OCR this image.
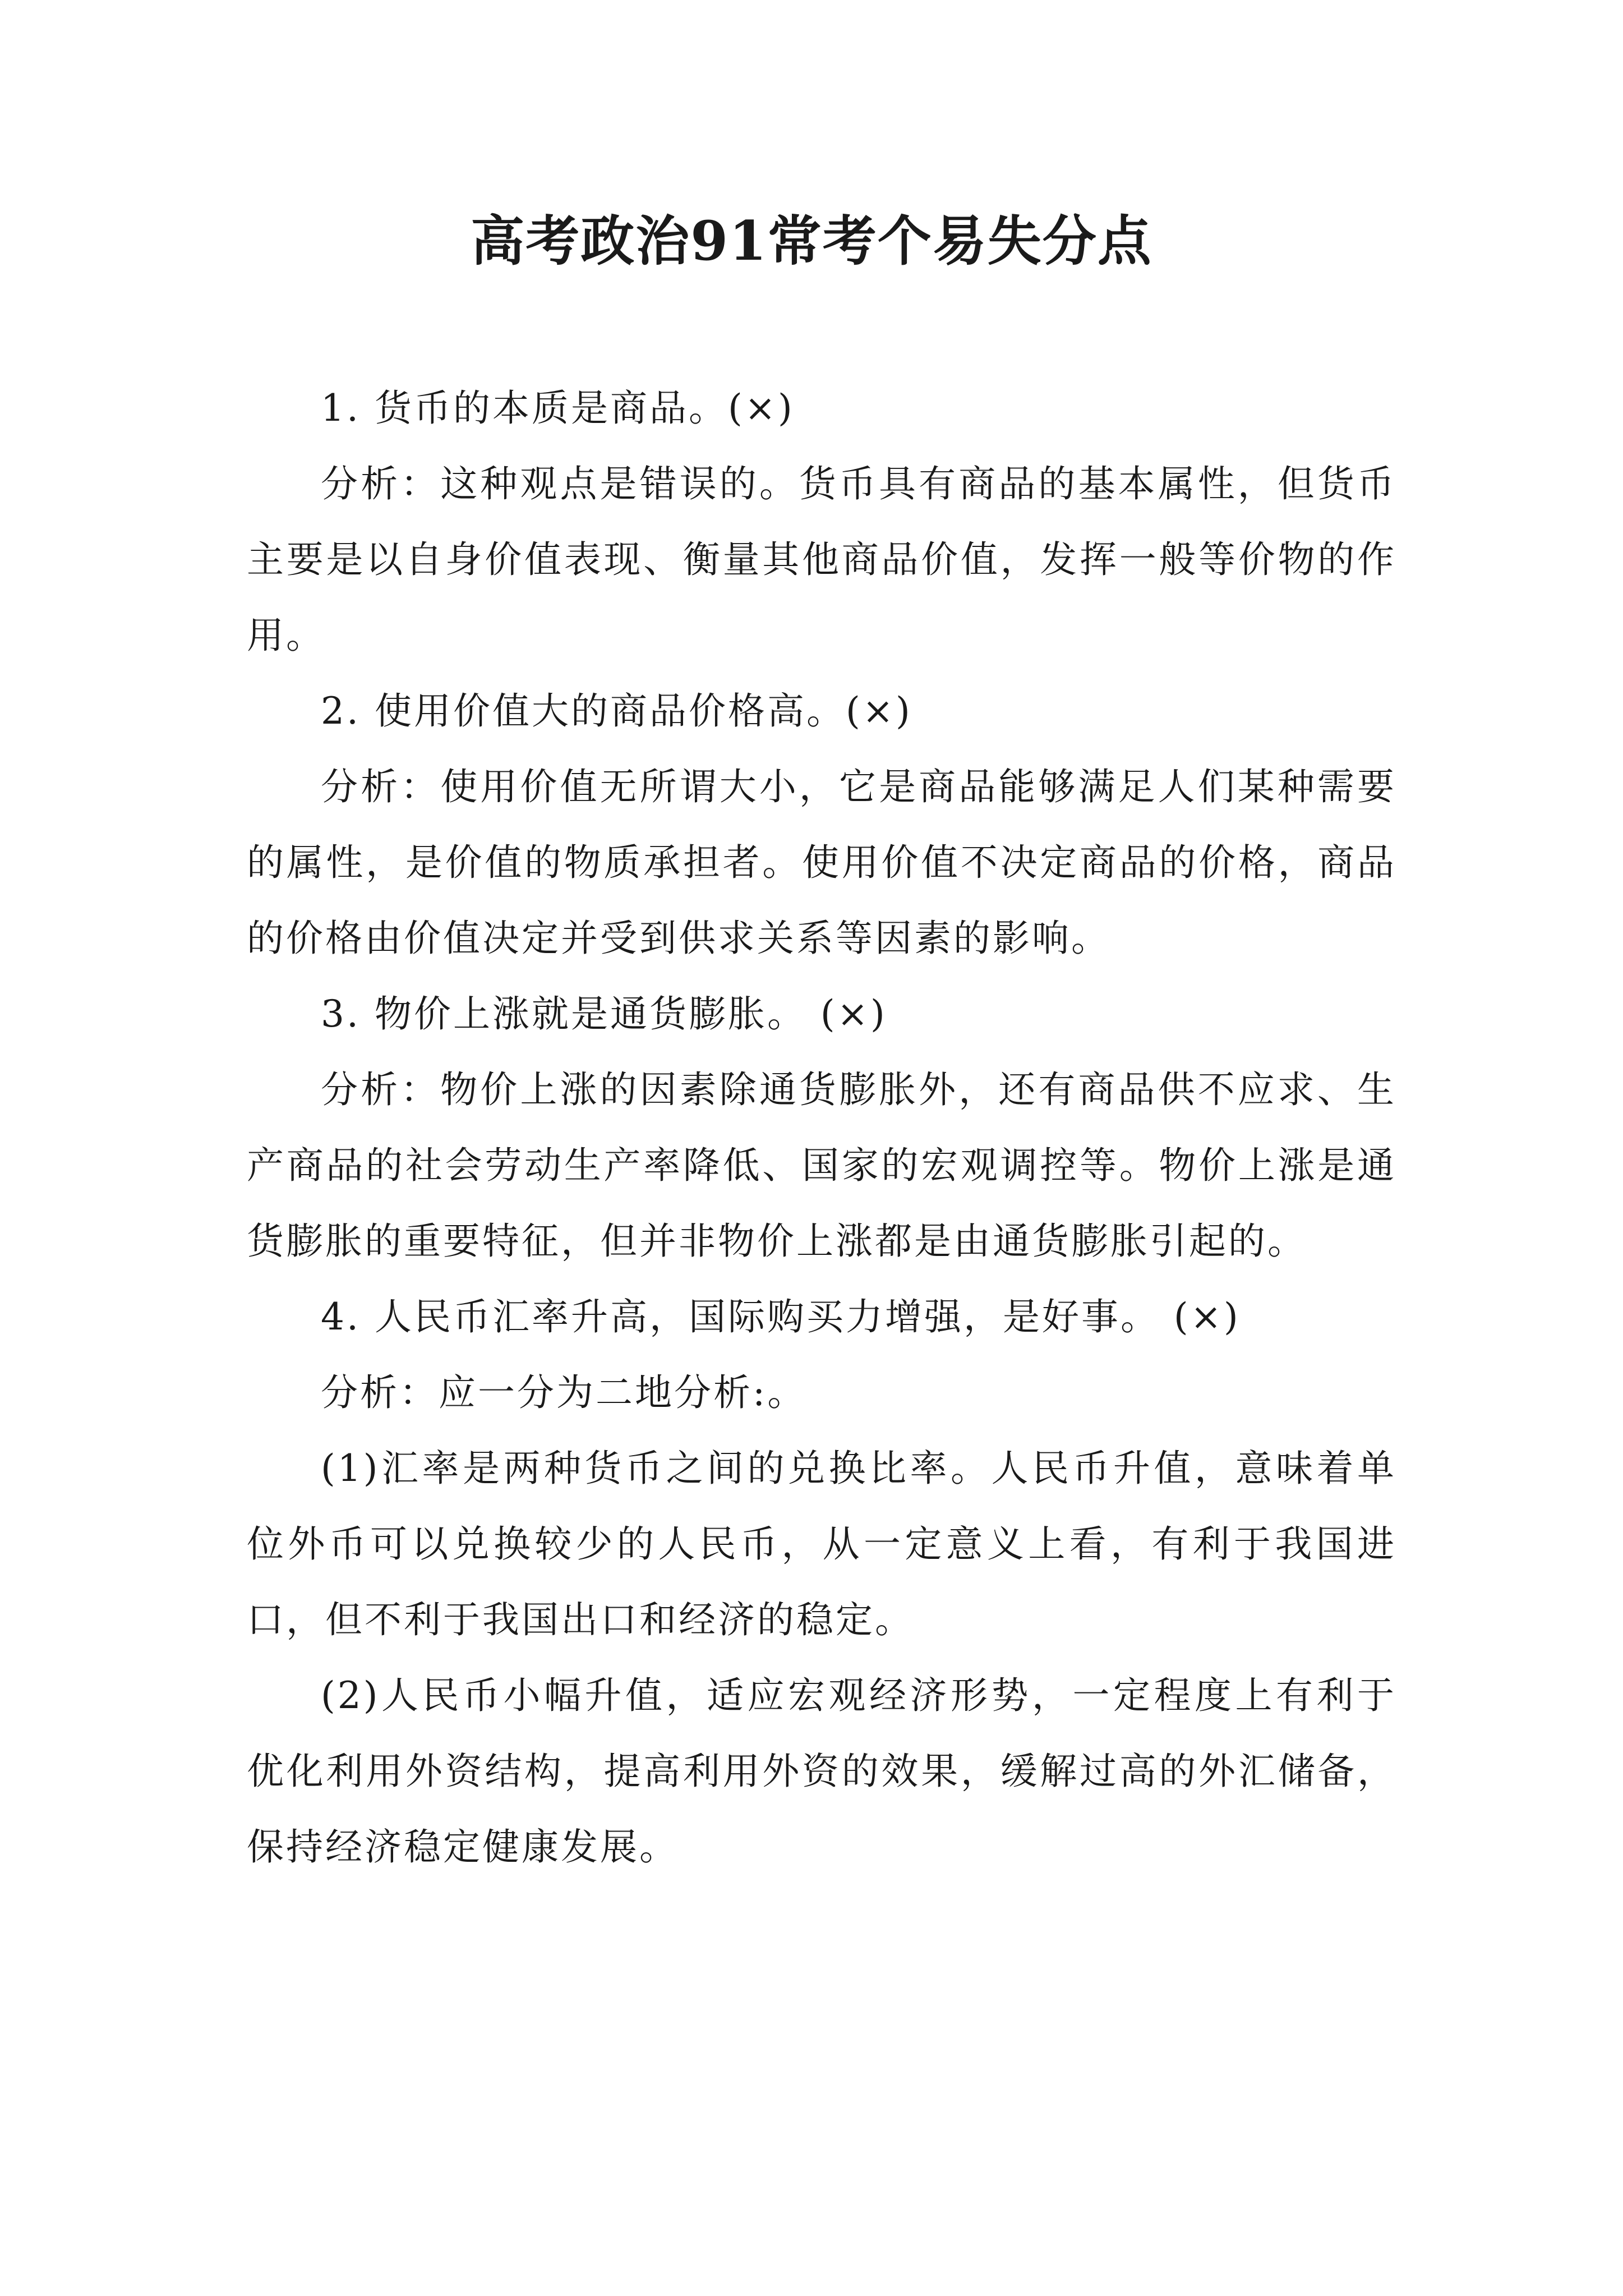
高考政治91常考个易失分点

1. 货币的本质是商品。(×)

分析：这种观点是错误的。货币具有商品的基本属性，但货币主要是以自身价值表现、衡量其他商品价值，发挥一般等价物的作用。

2. 使用价值大的商品价格高。(×)

分析：使用价值无所谓大小，它是商品能够满足人们某种需要的属性，是价值的物质承担者。使用价值不决定商品的价格，商品的价格由价值决定并受到供求关系等因素的影响。

3. 物价上涨就是通货膨胀。 (×)

分析：物价上涨的因素除通货膨胀外，还有商品供不应求、生产商品的社会劳动生产率降低、国家的宏观调控等。物价上涨是通货膨胀的重要特征，但并非物价上涨都是由通货膨胀引起的。

4. 人民币汇率升高，国际购买力增强，是好事。 (×)

分析：应一分为二地分析:。

(1)汇率是两种货币之间的兑换比率。人民币升值，意味着单位外币可以兑换较少的人民币，从一定意义上看，有利于我国进口，但不利于我国出口和经济的稳定。

(2)人民币小幅升值，适应宏观经济形势，一定程度上有利于优化利用外资结构，提高利用外资的效果，缓解过高的外汇储备，保持经济稳定健康发展。
